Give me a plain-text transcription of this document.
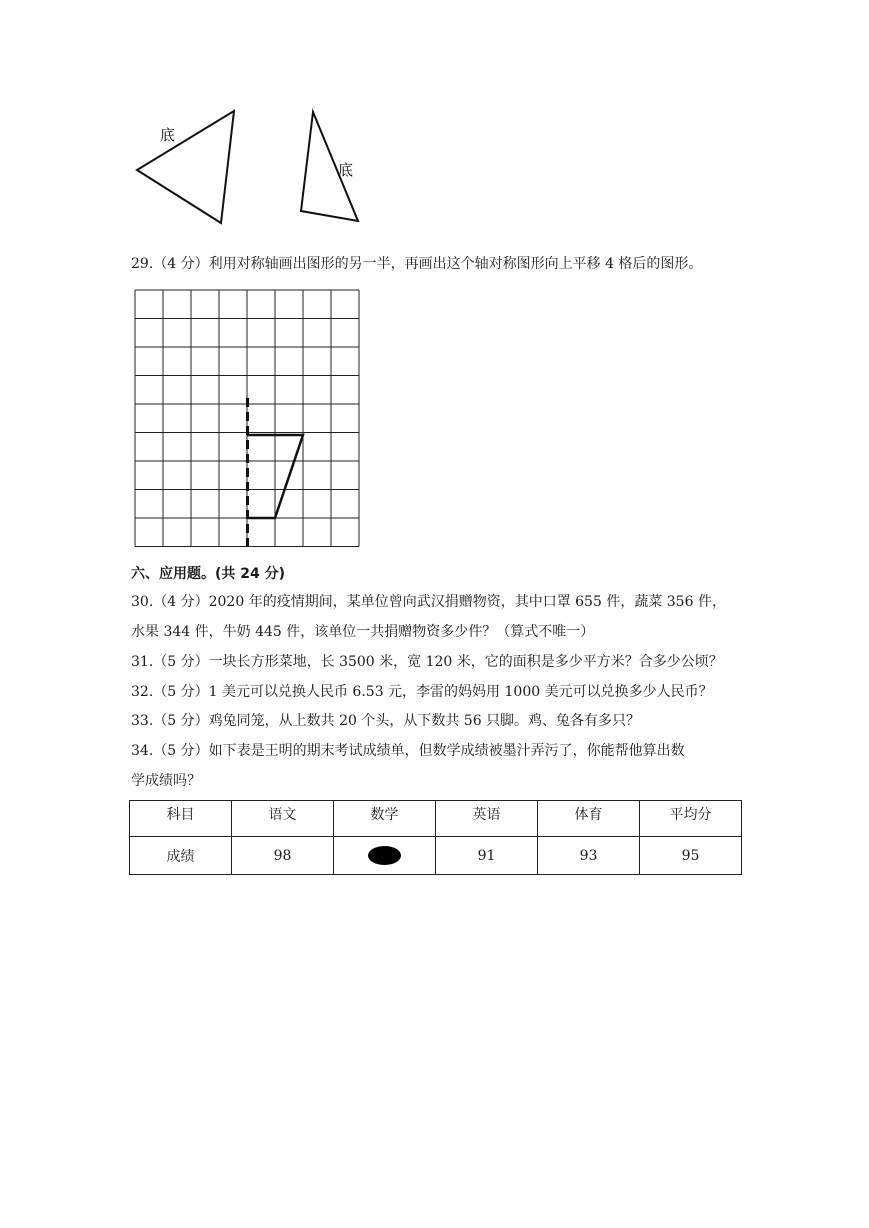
底
底
29.（4 分）利用对称轴画出图形的另一半，再画出这个轴对称图形向上平移 4 格后的图形。
六、应用题。(共 24 分)
30.（4 分）2020 年的疫情期间，某单位曾向武汉捐赠物资，其中口罩 655 件，蔬菜 356 件，
水果 344 件，牛奶 445 件，该单位一共捐赠物资多少件？（算式不唯一）
31.（5 分）一块长方形菜地，长 3500 米，宽 120 米，它的面积是多少平方米？合多少公顷？
32.（5 分）1 美元可以兑换人民币 6.53 元，李雷的妈妈用 1000 美元可以兑换多少人民币？
33.（5 分）鸡兔同笼，从上数共 20 个头，从下数共 56 只脚。鸡、兔各有多只？
34.（5 分）如下表是王明的期末考试成绩单，但数学成绩被墨汁弄污了，你能帮他算出数
学成绩吗？
科目	语文	数学	英语	体育	平均分
成绩	98		91	93	95
